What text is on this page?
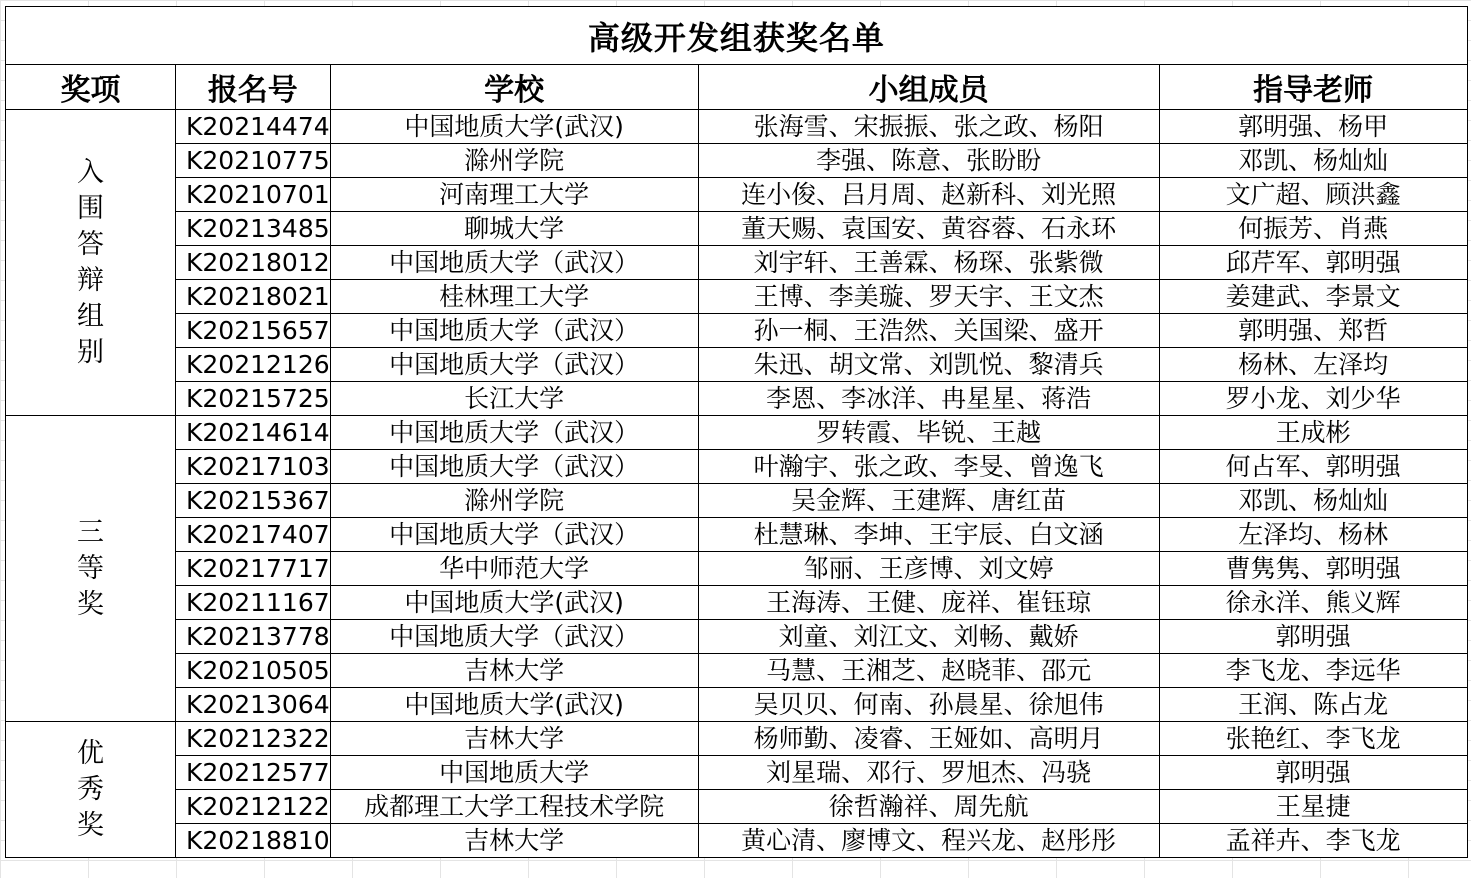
高级开发组获奖名单				
奖项	报名号	学校	小组成员	指导老师
入围答辩组别	K20214474	中国地质大学(武汉)	张海雪、宋振振、张之政、杨阳	郭明强、杨甲
	K20210775	滁州学院	李强、陈意、张盼盼	邓凯、杨灿灿
	K20210701	河南理工大学	连小俊、吕月周、赵新科、刘光照	文广超、顾洪鑫
	K20213485	聊城大学	董天赐、袁国安、黄容蓉、石永环	何振芳、肖燕
	K20218012	中国地质大学（武汉）	刘宇轩、王善霖、杨琛、张紫微	邱芹军、郭明强
	K20218021	桂林理工大学	王博、李美璇、罗天宇、王文杰	姜建武、李景文
	K20215657	中国地质大学（武汉）	孙一桐、王浩然、关国梁、盛开	郭明强、郑哲
	K20212126	中国地质大学（武汉）	朱迅、胡文常、刘凯悦、黎清兵	杨林、左泽均
	K20215725	长江大学	李恩、李冰洋、冉星星、蒋浩	罗小龙、刘少华
三等奖	K20214614	中国地质大学（武汉）	罗转霞、毕锐、王越	王成彬
	K20217103	中国地质大学（武汉）	叶瀚宇、张之政、李旻、曾逸飞	何占军、郭明强
	K20215367	滁州学院	吴金辉、王建辉、唐红苗	邓凯、杨灿灿
	K20217407	中国地质大学（武汉）	杜慧琳、李坤、王宇辰、白文涵	左泽均、杨林
	K20217717	华中师范大学	邹丽、王彦博、刘文婷	曹隽隽、郭明强
	K20211167	中国地质大学(武汉)	王海涛、王健、庞祥、崔钰琼	徐永洋、熊义辉
	K20213778	中国地质大学（武汉）	刘童、刘江文、刘畅、戴娇	郭明强
	K20210505	吉林大学	马慧、王湘芝、赵晓菲、邵元	李飞龙、李远华
	K20213064	中国地质大学(武汉)	吴贝贝、何南、孙晨星、徐旭伟	王润、陈占龙
优秀奖	K20212322	吉林大学	杨师勤、凌睿、王娅如、高明月	张艳红、李飞龙
	K20212577	中国地质大学	刘星瑞、邓行、罗旭杰、冯骁	郭明强
	K20212122	成都理工大学工程技术学院	徐哲瀚祥、周先航	王星捷
	K20218810	吉林大学	黄心清、廖博文、程兴龙、赵彤彤	孟祥卉、李飞龙
